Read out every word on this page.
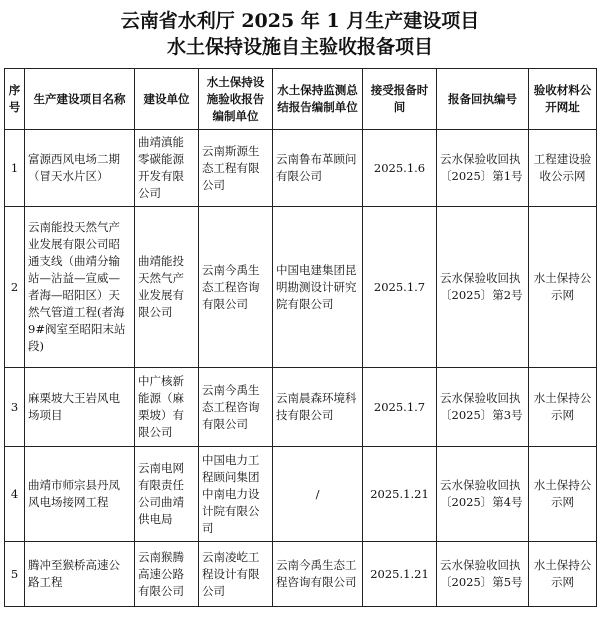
云南省水利厅 2025 年 1 月生产建设项目
水土保持设施自主验收报备项目
序号	生产建设项目名称	建设单位	水土保持设施验收报告编制单位	水土保持监测总结报告编制单位	接受报备时间	报备回执编号	验收材料公开网址
1	富源西风电场二期（冒天水片区）	曲靖滇能零碳能源开发有限公司	云南斯源生态工程有限公司	云南鲁布革顾问有限公司	2025.1.6	云水保验收回执〔2025〕第1号	工程建设验收公示网
2	云南能投天然气产业发展有限公司昭通支线（曲靖分输站—沾益—宣威—者海—昭阳区）天然气管道工程(者海 9#阀室至昭阳末站段)	曲靖能投天然气产业发展有限公司	云南今禹生态工程咨询有限公司	中国电建集团昆明勘测设计研究院有限公司	2025.1.7	云水保验收回执〔2025〕第2号	水土保持公示网
3	麻栗坡大王岩风电场项目	中广核新能源（麻栗坡）有限公司	云南今禹生态工程咨询有限公司	云南晨森环境科技有限公司	2025.1.7	云水保验收回执〔2025〕第3号	水土保持公示网
4	曲靖市师宗县丹凤风电场接网工程	云南电网有限责任公司曲靖供电局	中国电力工程顾问集团中南电力设计院有限公司	/	2025.1.21	云水保验收回执〔2025〕第4号	水土保持公示网
5	腾冲至猴桥高速公路工程	云南猴腾高速公路有限公司	云南凌屹工程设计有限公司	云南今禹生态工程咨询有限公司	2025.1.21	云水保验收回执〔2025〕第5号	水土保持公示网
